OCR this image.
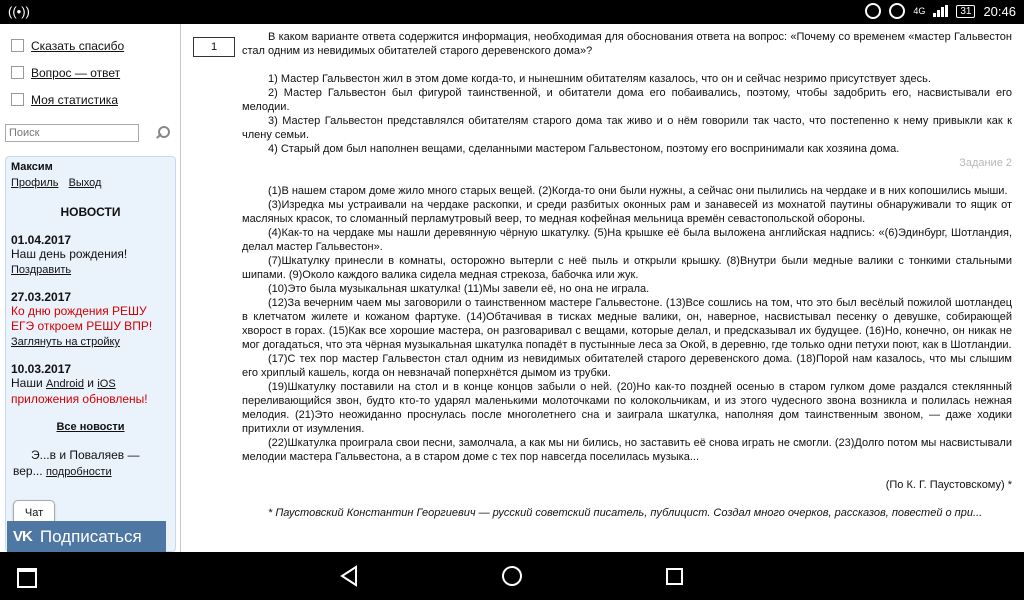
((•))	4G	31 20:46
Сказать спасибо
Вопрос — ответ
Моя статистика
Поиск
Максим
Профиль Выход
НОВОСТИ
01.04.2017
Наш день рождения!
Поздравить
27.03.2017
Ко дню рождения РЕШУ ЕГЭ откроем РЕШУ ВПР!
Заглянуть на стройку
10.03.2017
Наши Android и iOS
приложения обновлены!
Все новости
Э...в и Поваляев —
вер... подробности
Чат
VK Подписаться
1

В каком варианте ответа содержится информация, необходимая для обоснования ответа на вопрос: «Почему со временем «мастер Гальвестон стал одним из невидимых обитателей старого деревенского дома»?

1) Мастер Гальвестон жил в этом доме когда-то, и нынешним обитателям казалось, что он и сейчас незримо присутствует здесь.

2) Мастер Гальвестон был фигурой таинственной, и обитатели дома его побаивались, поэтому, чтобы задобрить его, насвистывали его мелодии.

3) Мастер Гальвестон представлялся обитателям старого дома так живо и о нём говорили так часто, что постепенно к нему привыкли как к члену семьи.

4) Старый дом был наполнен вещами, сделанными мастером Гальвестоном, поэтому его воспринимали как хозяина дома.

Задание 2

(1)В нашем старом доме жило много старых вещей. (2)Когда-то они были нужны, а сейчас они пылились на чердаке и в них копошились мыши.

(3)Изредка мы устраивали на чердаке раскопки, и среди разбитых оконных рам и занавесей из мохнатой паутины обнаруживали то ящик от масляных красок, то сломанный перламутровый веер, то медная кофейная мельница времён севастопольской обороны.

(4)Как-то на чердаке мы нашли деревянную чёрную шкатулку. (5)На крышке её была выложена английская надпись: «(6)Эдинбург, Шотландия, делал мастер Гальвестон».

(7)Шкатулку принесли в комнаты, осторожно вытерли с неё пыль и открыли крышку. (8)Внутри были медные валики с тонкими стальными шипами. (9)Около каждого валика сидела медная стрекоза, бабочка или жук.

(10)Это была музыкальная шкатулка! (11)Мы завели её, но она не играла.

(12)За вечерним чаем мы заговорили о таинственном мастере Гальвестоне. (13)Все сошлись на том, что это был весёлый пожилой шотландец в клетчатом жилете и кожаном фартуке. (14)Обтачивая в тисках медные валики, он, наверное, насвистывал песенку о девушке, собирающей хворост в горах. (15)Как все хорошие мастера, он разговаривал с вещами, которые делал, и предсказывал их будущее. (16)Но, конечно, он никак не мог догадаться, что эта чёрная музыкальная шкатулка попадёт в пустынные леса за Окой, в деревню, где только одни петухи поют, как в Шотландии.

(17)С тех пор мастер Гальвестон стал одним из невидимых обитателей старого деревенского дома. (18)Порой нам казалось, что мы слышим его хриплый кашель, когда он невзначай поперхнётся дымом из трубки.

(19)Шкатулку поставили на стол и в конце концов забыли о ней. (20)Но как-то поздней осенью в старом гулком доме раздался стеклянный переливающийся звон, будто кто-то ударял маленькими молоточками по колокольчикам, и из этого чудесного звона возникла и полилась нежная мелодия. (21)Это неожиданно проснулась после многолетнего сна и заиграла шкатулка, наполняя дом таинственным звоном, — даже ходики притихли от изумления.

(22)Шкатулка проиграла свои песни, замолчала, а как мы ни бились, но заставить её снова играть не смогли. (23)Долго потом мы насвистывали мелодии мастера Гальвестона, а в старом доме с тех пор навсегда поселилась музыка...

(По К. Г. Паустовскому) *

* Паустовский Константин Георгиевич — русский советский писатель, публицист. Создал много очерков, рассказов, повестей о при...
